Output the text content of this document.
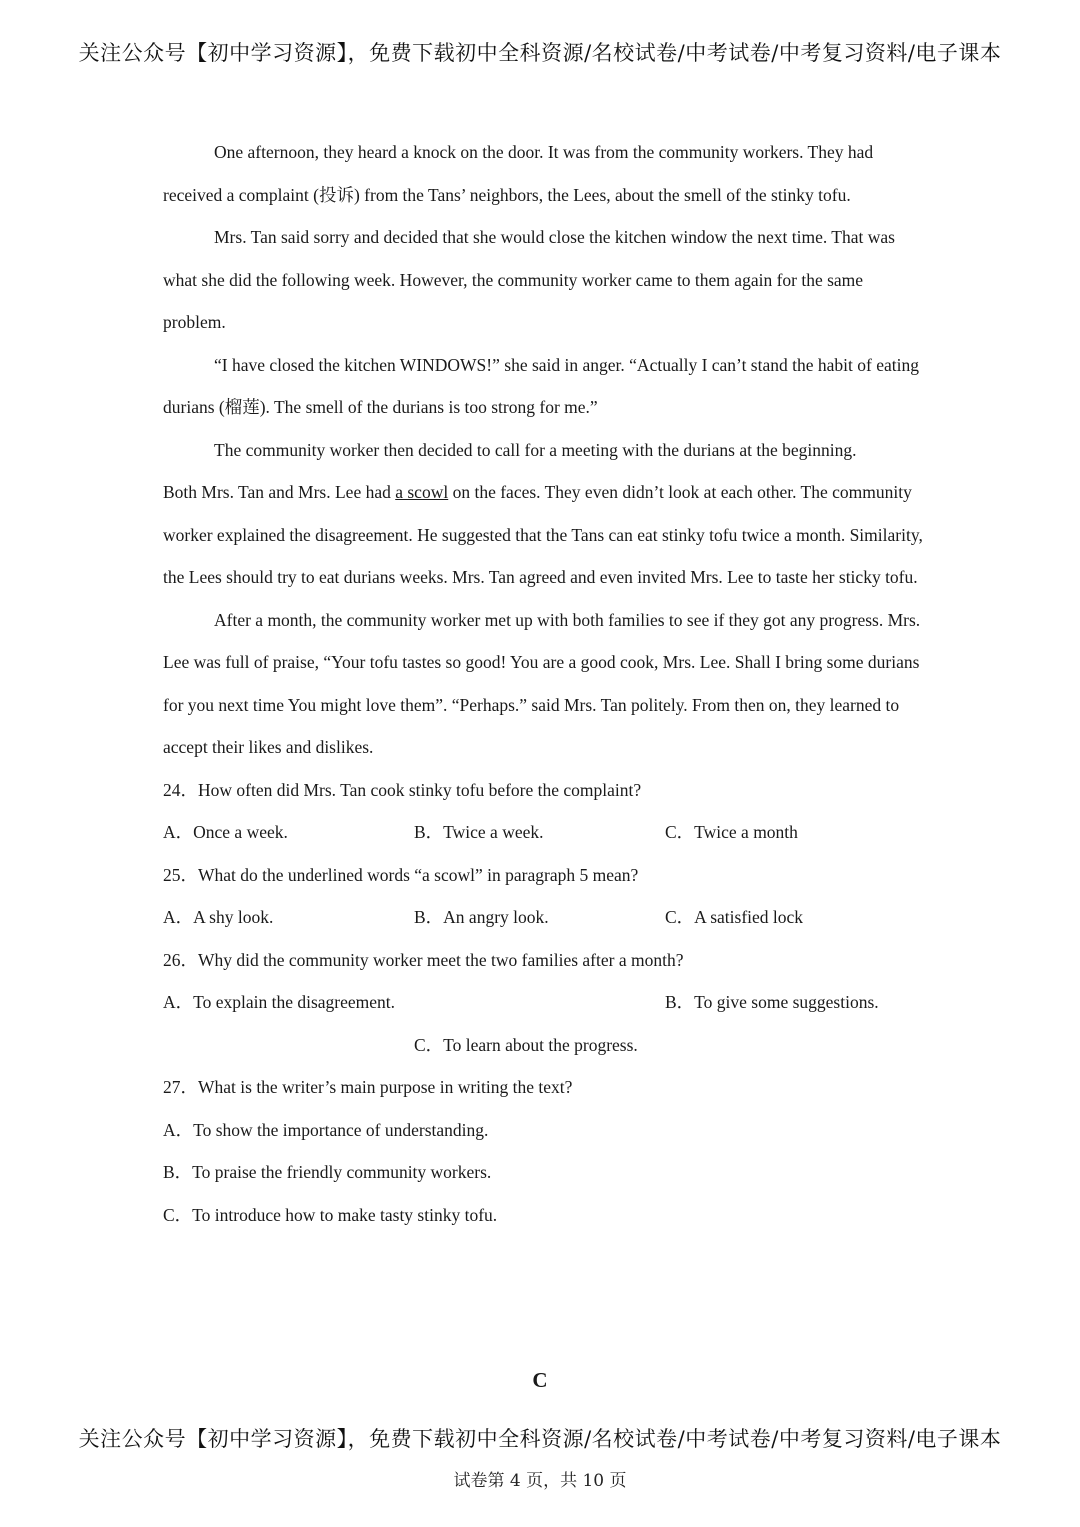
关注公众号【初中学习资源】，免费下载初中全科资源/名校试卷/中考试卷/中考复习资料/电子课本

One afternoon, they heard a knock on the door. It was from the community workers. They had received a complaint (投诉) from the Tans’ neighbors, the Lees, about the smell of the stinky tofu.

Mrs. Tan said sorry and decided that she would close the kitchen window the next time. That was what she did the following week. However, the community worker came to them again for the same problem.

“I have closed the kitchen WINDOWS!” she said in anger. “Actually I can’t stand the habit of eating durians (榴莲). The smell of the durians is too strong for me.”

The community worker then decided to call for a meeting with the durians at the beginning.
Both Mrs. Tan and Mrs. Lee had a scowl on the faces. They even didn’t look at each other. The community worker explained the disagreement. He suggested that the Tans can eat stinky tofu twice a month. Similarity, the Lees should try to eat durians weeks. Mrs. Tan agreed and even invited Mrs. Lee to taste her sticky tofu.

After a month, the community worker met up with both families to see if they got any progress. Mrs. Lee was full of praise, “Your tofu tastes so good! You are a good cook, Mrs. Lee. Shall I bring some durians for you next time You might love them”. “Perhaps.” said Mrs. Tan politely. From then on, they learned to accept their likes and dislikes.

24．How often did Mrs. Tan cook stinky tofu before the complaint?

A．Once a week.	B．Twice a week.	C．Twice a month

25．What do the underlined words “a scowl” in paragraph 5 mean?

A．A shy look.	B．An angry look.	C．A satisfied lock

26．Why did the community worker meet the two families after a month?

A．To explain the disagreement.	B．To give some suggestions.

C．To learn about the progress.

27．What is the writer’s main purpose in writing the text?

A．To show the importance of understanding.

B．To praise the friendly community workers.

C．To introduce how to make tasty stinky tofu.

C
关注公众号【初中学习资源】，免费下载初中全科资源/名校试卷/中考试卷/中考复习资料/电子课本
试卷第 4 页，共 10 页
